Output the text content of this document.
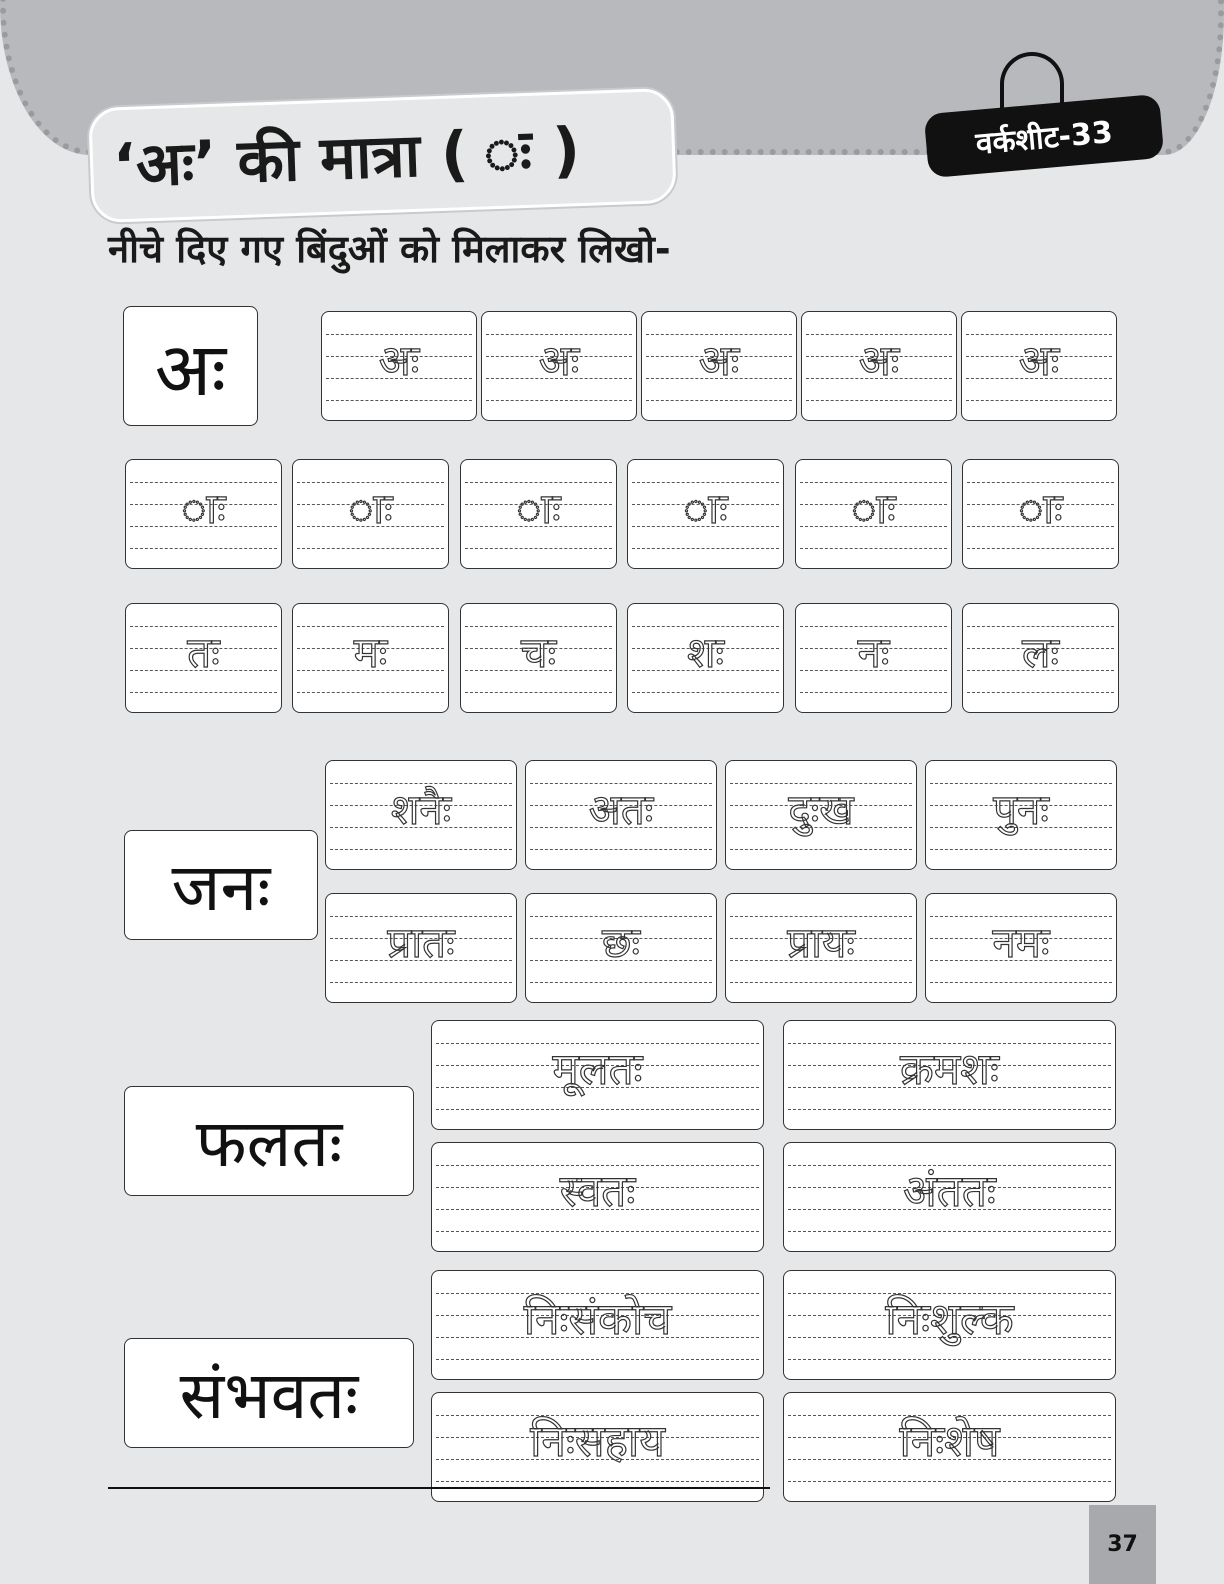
‘अः’ की मात्रा ( ः )	वर्कशीट-33
नीचे दिए गए बिंदुओं को मिलाकर लिखो-
अः	अः	अः	अः	अः	अः
ाः	ाः	ाः	ाः	ाः	ाः
तः	मः	चः	शः	नः	लः
शनैः	अतः	दुःख	पुनः
प्रातः	छः	प्रायः	नमः
मूलतः	क्रमशः
स्वतः	अंततः
निःसंकोच	निःशुल्क
निःसहाय	निःशेष
जनः
फलतः
संभवतः
37
